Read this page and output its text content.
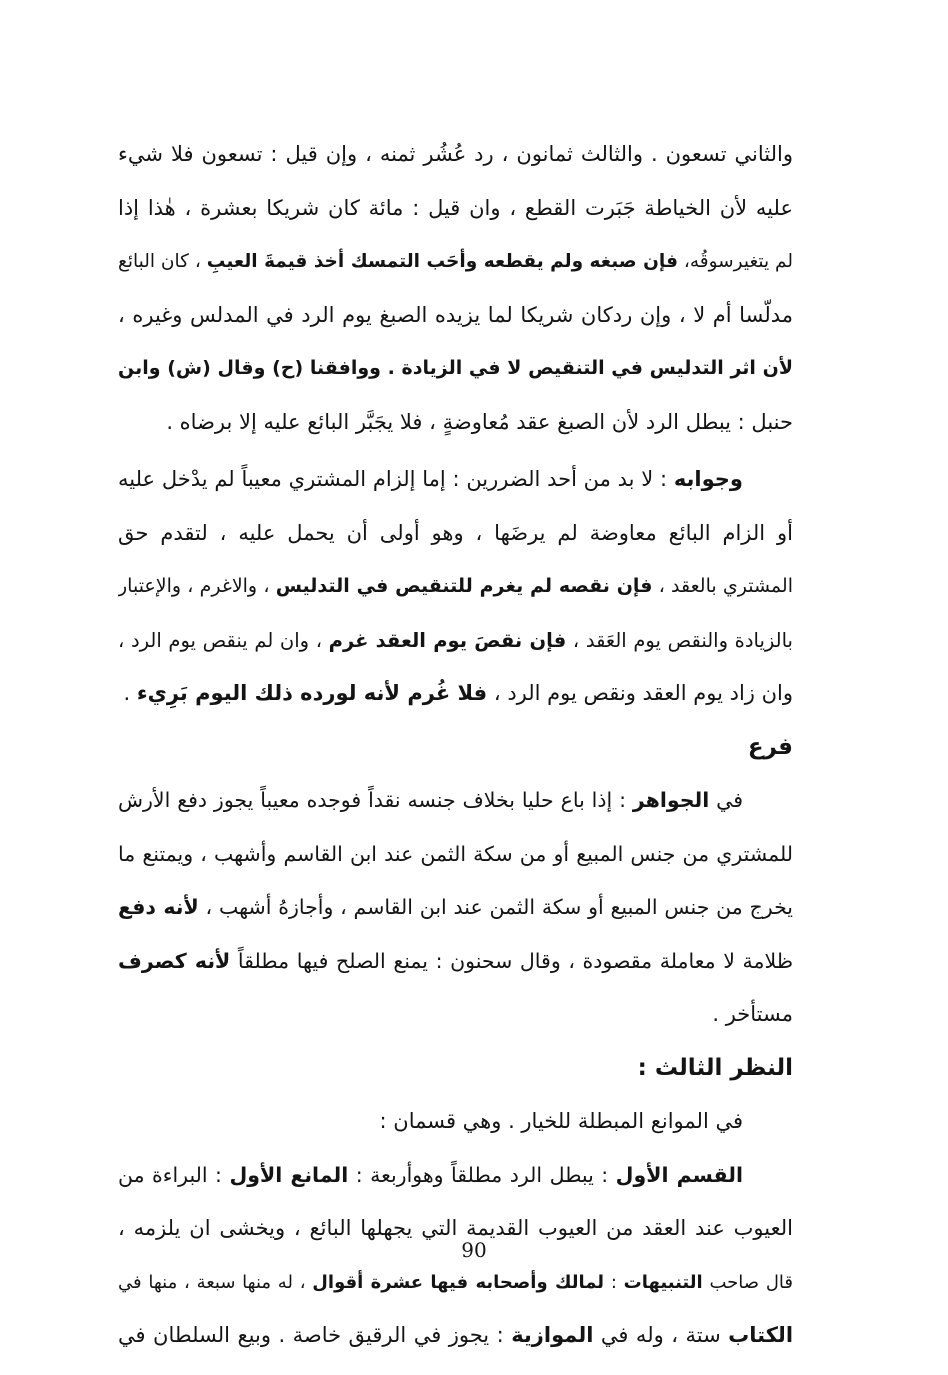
والثاني تسعون . والثالث ثمانون ، رد عُشُر ثمنه ، وإن قيل : تسعون فلا شيء
عليه لأن الخياطة جَبَرت القطع ، وان قيل : مائة كان شريكا بعشرة ، هٰذا إذا
لم يتغيرسوقُه، فإن صبغه ولم يقطعه وأحَب التمسك أخذ قيمةَ العيبِ ، كان البائع
مدلّسا أم لا ، وإن ردكان شريكا لما يزيده الصبغ يوم الرد في المدلس وغيره ،
لأن اثر التدليس في التنقيص لا في الزيادة . ووافقنا (ح) وقال (ش) وابن
حنبل : يبطل الرد لأن الصبغ عقد مُعاوضةٍ ، فلا يجَبَّر البائع عليه إلا برضاه .
وجوابه : لا بد من أحد الضررين : إما إلزام المشتري معيباً لم يدْخل عليه
أو الزام البائع معاوضة لم يرضَها ، وهو أولى أن يحمل عليه ، لتقدم حق
المشتري بالعقد ، فإن نقصه لم يغرم للتنقيص في التدليس ، والاغرم ، والإعتبار
بالزيادة والنقص يوم العَقد ، فإن نقصَ يوم العقد غرم ، وان لم ينقص يوم الرد ،
وان زاد يوم العقد ونقص يوم الرد ، فلا غُرم لأنه لورده ذلك اليوم بَرِيء .
فرع
في الجواهر : إذا باع حليا بخلاف جنسه نقداً فوجده معيباً يجوز دفع الأرش
للمشتري من جنس المبيع أو من سكة الثمن عند ابن القاسم وأشهب ، ويمتنع ما
يخرج من جنس المبيع أو سكة الثمن عند ابن القاسم ، وأجازهُ أشهب ، لأنه دفع
ظلامة لا معاملة مقصودة ، وقال سحنون : يمنع الصلح فيها مطلقاً لأنه كصرف
مستأخر .
النظر الثالث :
في الموانع المبطلة للخيار . وهي قسمان :
القسم الأول : يبطل الرد مطلقاً وهوأربعة : المانع الأول : البراءة من
العيوب عند العقد من العيوب القديمة التي يجهلها البائع ، ويخشى ان يلزمه ،
قال صاحب التنبيهات : لمالك وأصحابه فيها عشرة أقوال ، له منها سبعة ، منها في
الكتاب ستة ، وله في الموازية : يجوز في الرقيق خاصة . وبيع السلطان في
90
